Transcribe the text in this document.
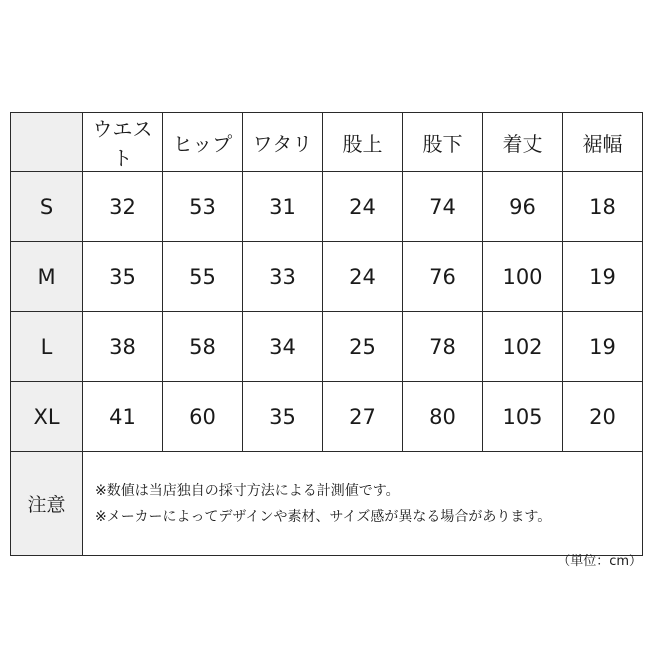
	ウエスト	ヒップ	ワタリ	股上	股下	着丈	裾幅
S	32	53	31	24	74	96	18
M	35	55	33	24	76	100	19
L	38	58	34	25	78	102	19
XL	41	60	35	27	80	105	20
注意	※数値は当店独自の採寸方法による計測値です。
※メーカーによってデザインや素材、サイズ感が異なる場合があります。						
（単位：cm）
